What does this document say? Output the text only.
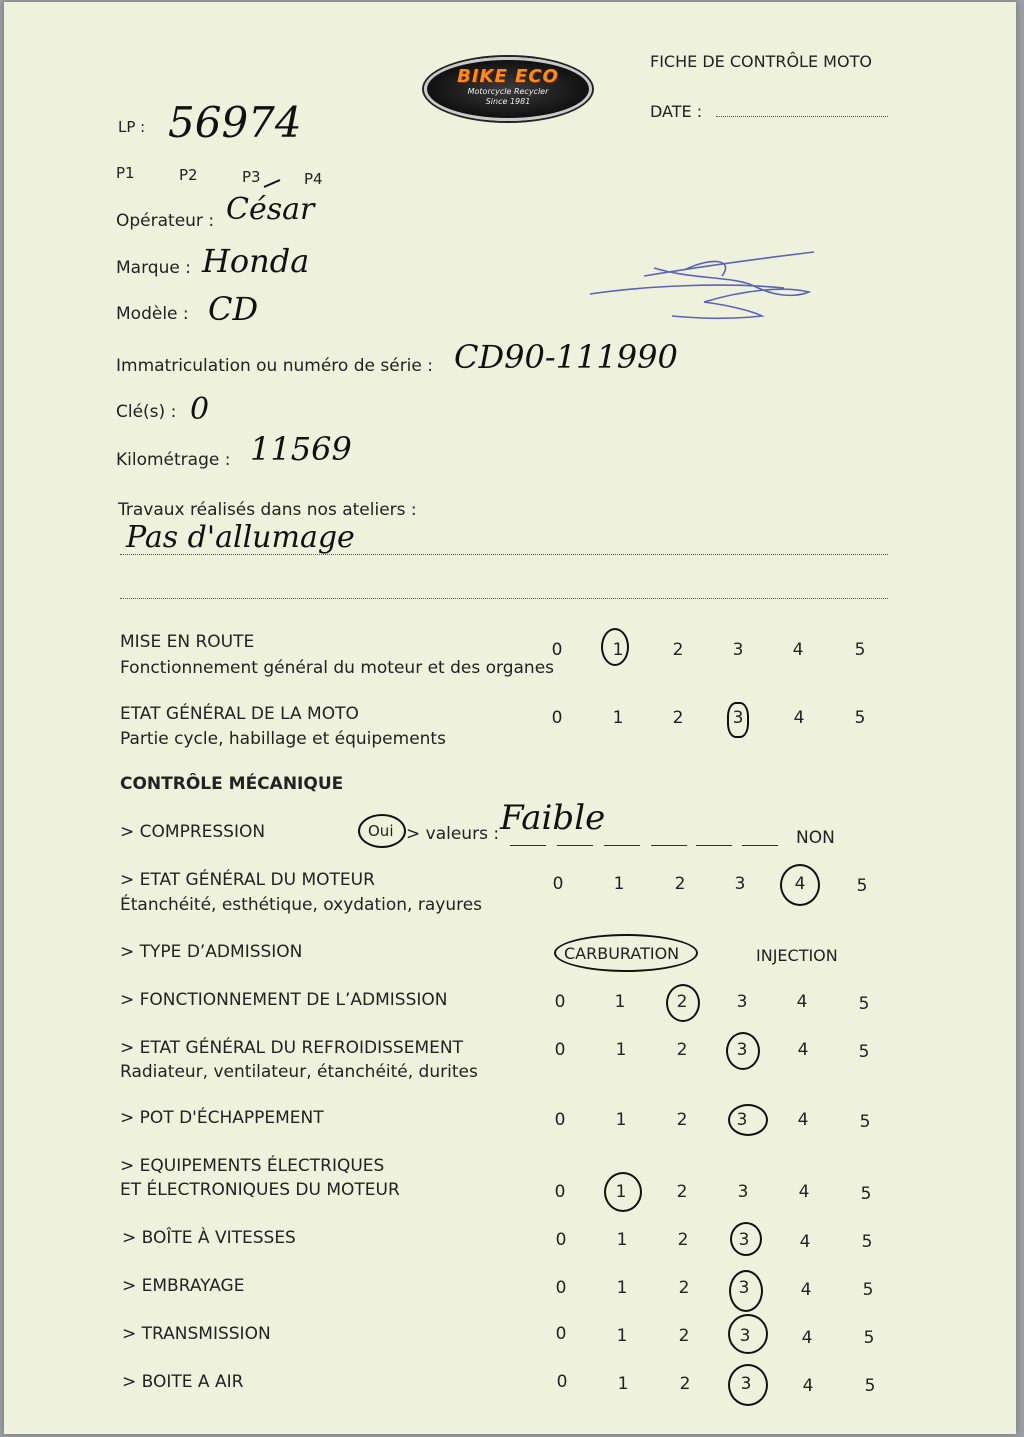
BIKE ECO
Motorcycle Recycler
Since 1981
FICHE DE CONTRÔLE MOTO
DATE :
LP : 56974
P1	P2	P3	P4
Opérateur : César
Marque : Honda
Modèle : CD
Immatriculation ou numéro de série : CD90-111990
Clé(s) : 0
Kilométrage : 11569
Travaux réalisés dans nos ateliers :
Pas d'allumage
MISE EN ROUTE
Fonctionnement général du moteur et des organes
0	1	2	3	4	5
ETAT GÉNÉRAL DE LA MOTO
Partie cycle, habillage et équipements
0	1	2	3	4	5
CONTRÔLE MÉCANIQUE
> COMPRESSION	Oui > valeurs : Faible	NON
> ETAT GÉNÉRAL DU MOTEUR
Étanchéité, esthétique, oxydation, rayures
0	1	2	3	4	5
> TYPE D’ADMISSION	CARBURATION	INJECTION
> FONCTIONNEMENT DE L’ADMISSION	0	1	2	3	4	5
> ETAT GÉNÉRAL DU REFROIDISSEMENT
Radiateur, ventilateur, étanchéité, durites
0	1	2	3	4	5
> POT D'ÉCHAPPEMENT	0	1	2	3	4	5
> EQUIPEMENTS ÉLECTRIQUES
ET ÉLECTRONIQUES DU MOTEUR	0	1	2	3	4	5
> BOÎTE À VITESSES	0	1	2	3	4	5
> EMBRAYAGE	0	1	2	3	4	5
> TRANSMISSION	0	1	2	3	4	5
> BOITE A AIR	0	1	2	3	4	5
